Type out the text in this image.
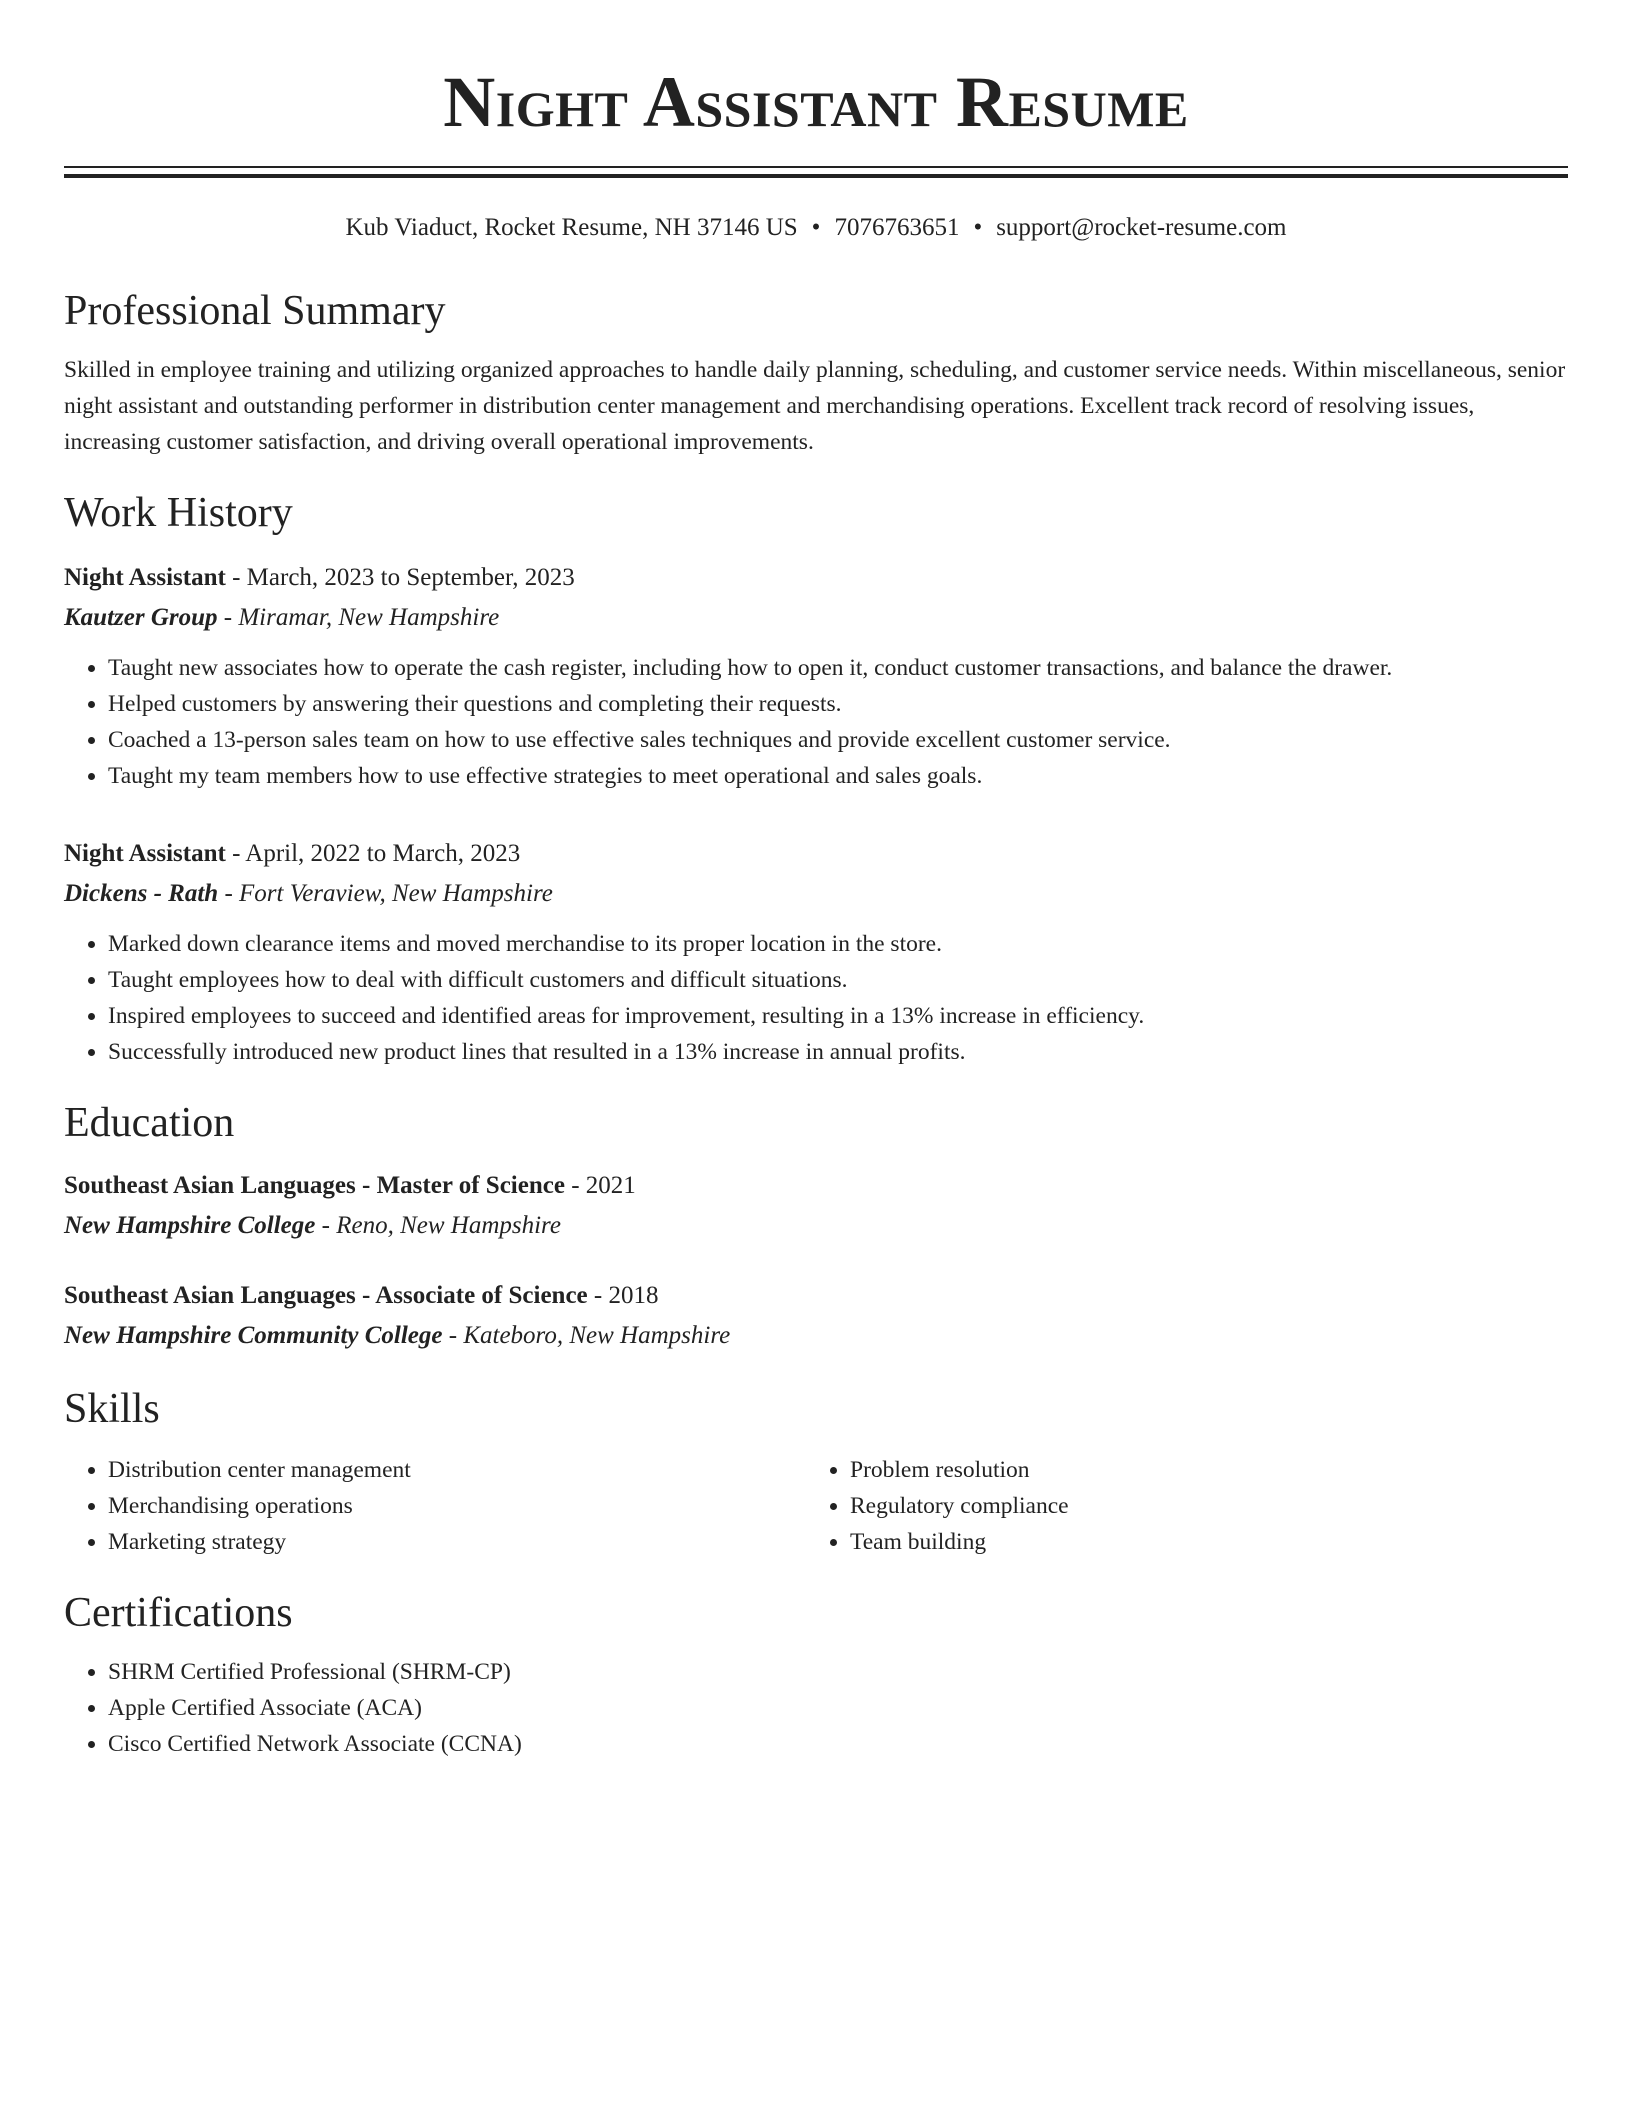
Night Assistant Resume
Kub Viaduct, Rocket Resume, NH 37146 US • 7076763651 • support@rocket-resume.com
Professional Summary

Skilled in employee training and utilizing organized approaches to handle daily planning, scheduling, and customer service needs. Within miscellaneous, senior night assistant and outstanding performer in distribution center management and merchandising operations. Excellent track record of resolving issues, increasing customer satisfaction, and driving overall operational improvements.

Work History
Night Assistant - March, 2023 to September, 2023
Kautzer Group - Miramar, New Hampshire
• Taught new associates how to operate the cash register, including how to open it, conduct customer transactions, and balance the drawer.
• Helped customers by answering their questions and completing their requests.
• Coached a 13-person sales team on how to use effective sales techniques and provide excellent customer service.
• Taught my team members how to use effective strategies to meet operational and sales goals.
Night Assistant - April, 2022 to March, 2023
Dickens - Rath - Fort Veraview, New Hampshire
• Marked down clearance items and moved merchandise to its proper location in the store.
• Taught employees how to deal with difficult customers and difficult situations.
• Inspired employees to succeed and identified areas for improvement, resulting in a 13% increase in efficiency.
• Successfully introduced new product lines that resulted in a 13% increase in annual profits.
Education
Southeast Asian Languages - Master of Science - 2021
New Hampshire College - Reno, New Hampshire
Southeast Asian Languages - Associate of Science - 2018
New Hampshire Community College - Kateboro, New Hampshire
Skills
• Distribution center management
• Merchandising operations
• Marketing strategy
• Problem resolution
• Regulatory compliance
• Team building
Certifications
• SHRM Certified Professional (SHRM-CP)
• Apple Certified Associate (ACA)
• Cisco Certified Network Associate (CCNA)
